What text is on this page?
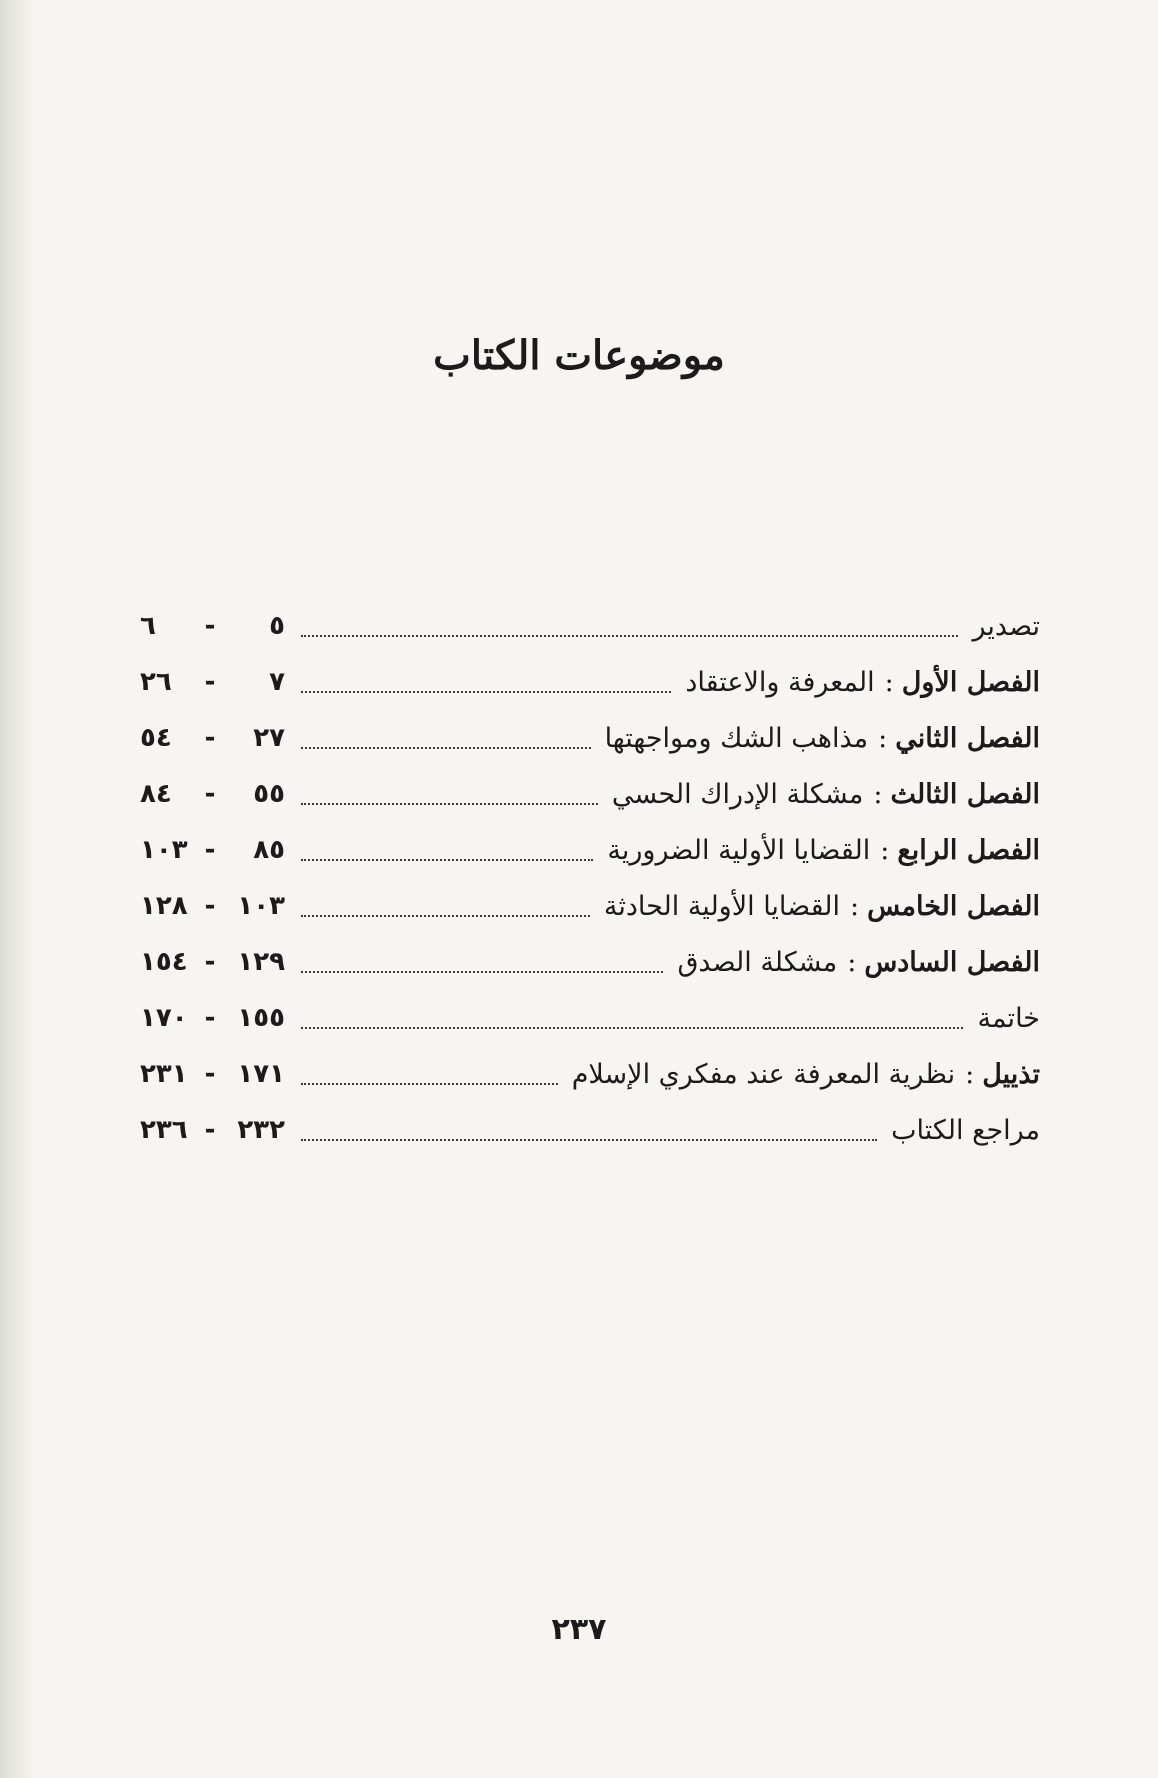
موضوعات الكتاب
تصدير
٦	-	٥
الفصل الأول
:
المعرفة والاعتقاد
٢٦	-	٧
الفصل الثاني
:
مذاهب الشك ومواجهتها
٥٤	-	٢٧
الفصل الثالث
:
مشكلة الإدراك الحسي
٨٤	-	٥٥
الفصل الرابع
:
القضايا الأولية الضرورية
١٠٣ -	٨٥
الفصل الخامس
:
القضايا الأولية الحادثة
١٢٨ - ١٠٣
الفصل السادس
:
مشكلة الصدق
١٥٤ - ١٢٩
خاتمة
١٧٠ - ١٥٥
تذييل
:
نظرية المعرفة عند مفكري الإسلام
٢٣١ - ١٧١
مراجع الكتاب
٢٣٦ - ٢٣٢
٢٣٧
